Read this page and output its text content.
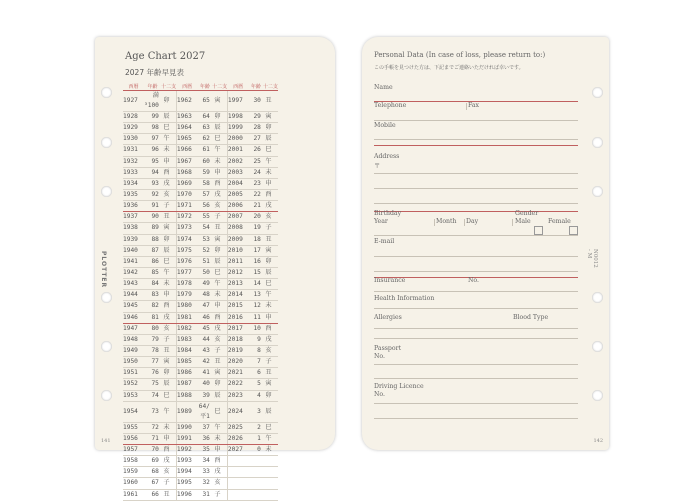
Age Chart 2027
2027 年齢早見表
西暦	年齢	十二支	西暦	年齢	十二支	西暦	年齢	十二支
1927	満³100	卯	1962	65	寅	1997	30	丑
1928	99	辰	1963	64	卯	1998	29	寅
1929	98	巳	1964	63	辰	1999	28	卯
1930	97	午	1965	62	巳	2000	27	辰
1931	96	未	1966	61	午	2001	26	巳
1932	95	申	1967	60	未	2002	25	午
1933	94	酉	1968	59	申	2003	24	未
1934	93	戌	1969	58	酉	2004	23	申
1935	92	亥	1970	57	戌	2005	22	酉
1936	91	子	1971	56	亥	2006	21	戌
1937	90	丑	1972	55	子	2007	20	亥
1938	89	寅	1973	54	丑	2008	19	子
1939	88	卯	1974	53	寅	2009	18	丑
1940	87	辰	1975	52	卯	2010	17	寅
1941	86	巳	1976	51	辰	2011	16	卯
1942	85	午	1977	50	巳	2012	15	辰
1943	84	未	1978	49	午	2013	14	巳
1944	83	申	1979	48	未	2014	13	午
1945	82	酉	1980	47	申	2015	12	未
1946	81	戌	1981	46	酉	2016	11	申
1947	80	亥	1982	45	戌	2017	10	酉
1948	79	子	1983	44	亥	2018	9	戌
1949	78	丑	1984	43	子	2019	8	亥
1950	77	寅	1985	42	丑	2020	7	子
1951	76	卯	1986	41	寅	2021	6	丑
1952	75	辰	1987	40	卯	2022	5	寅
1953	74	巳	1988	39	辰	2023	4	卯
1954	73	午	1989	64/平1	巳	2024	3	辰
1955	72	未	1990	37	午	2025	2	巳
1956	71	申	1991	36	未	2026	1	午
1957	70	酉	1992	35	申	2027	0	未
1958	69	戌	1993	34	酉			
1959	68	亥	1994	33	戌			
1960	67	子	1995	32	亥			
1961	66	丑	1996	31	子			
PLOTTER
141
Personal Data (In case of loss, please return to:)
この手帳を見つけた方は、下記までご連絡いただければ幸いです。
Name
Telephone	Fax
Mobile
Address
〒
Birthday	Gender
Year	Month Day	Male	Female
E-mail
Insurance	No.
Health Information
Allergies	Blood Type
Passport
No.
Driving Licence
No.
N0012 - M
142
